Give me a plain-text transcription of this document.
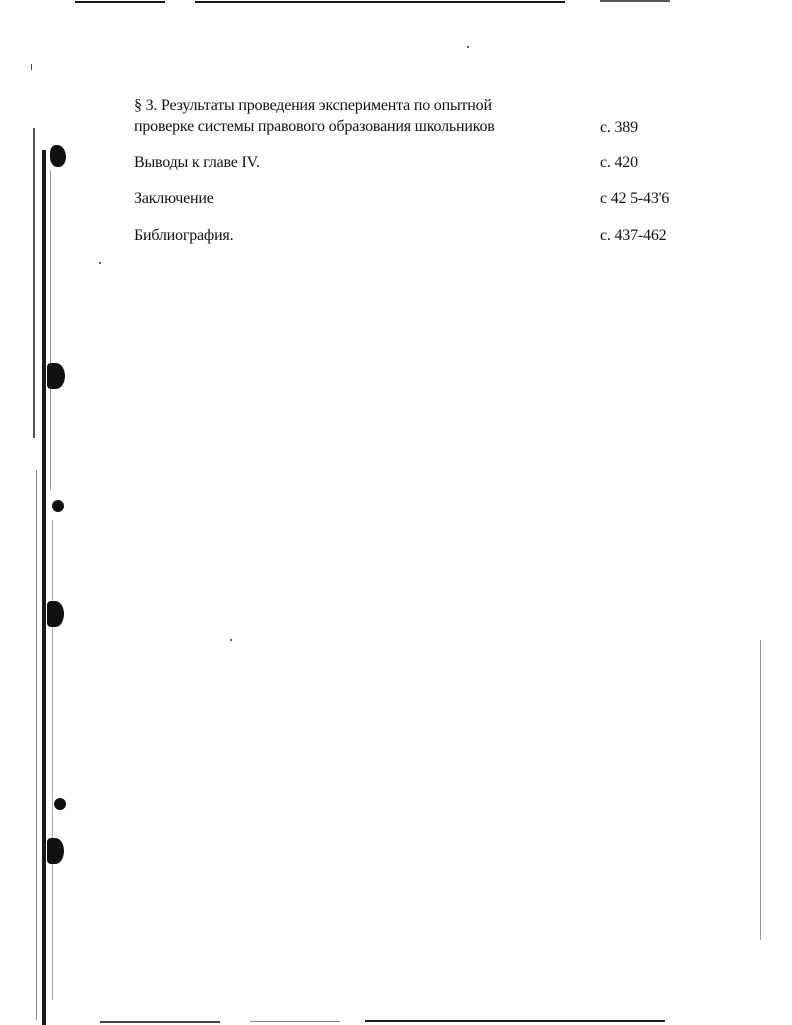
§ 3. Результаты проведения эксперимента по опытной
проверке системы правового образования школьников	с. 389
Выводы к главе IV.	с. 420
Заключение	с 42 5-43'6
Библиография.	с. 437-462
